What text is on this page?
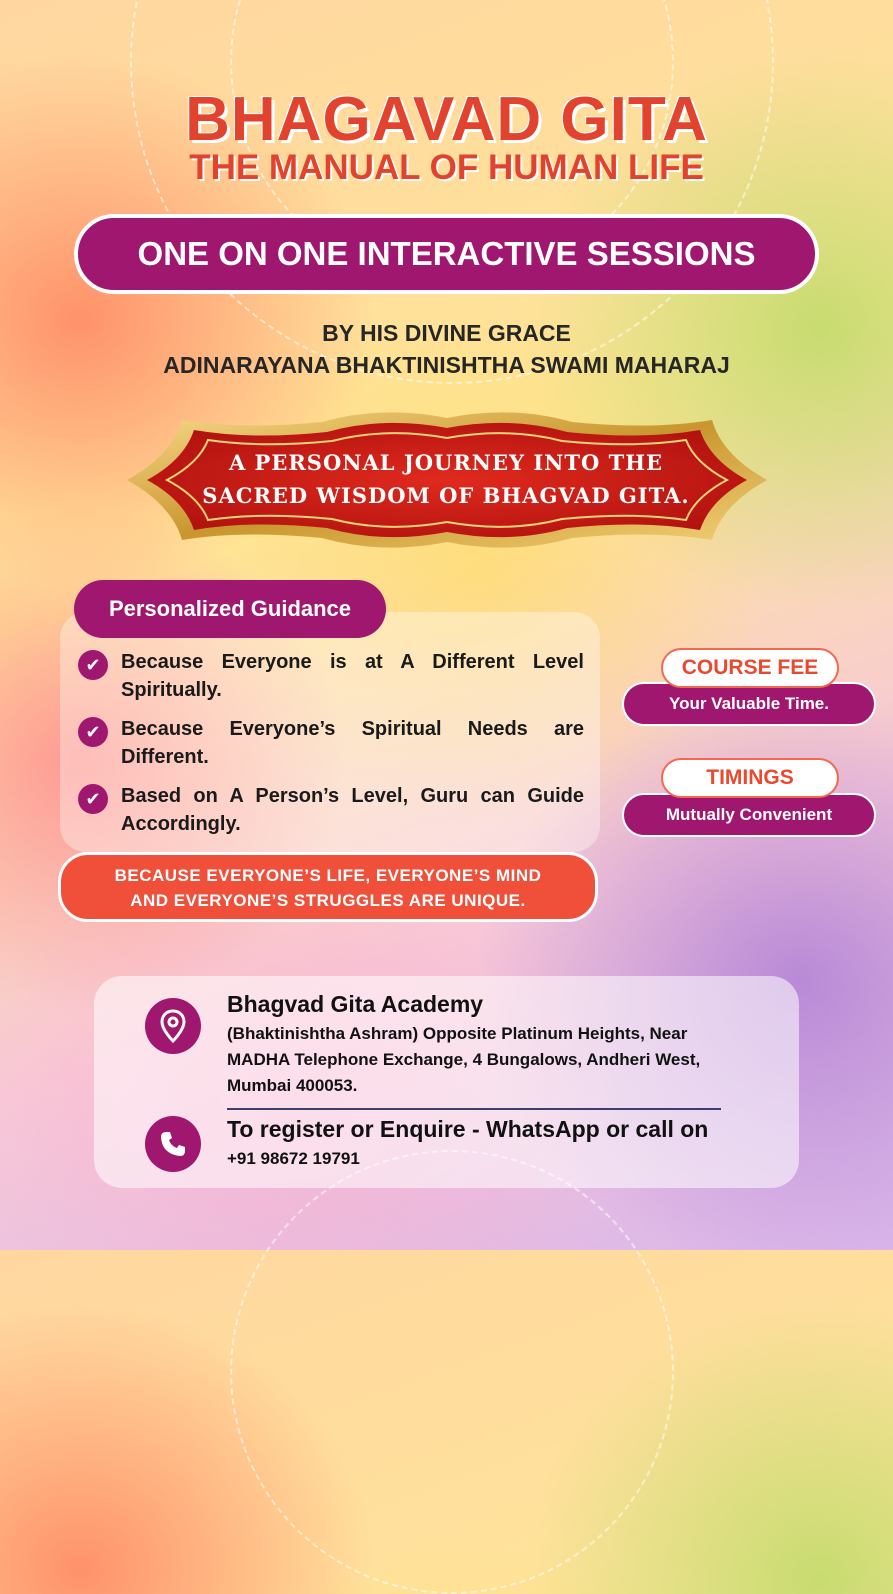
BHAGAVAD GITA
THE MANUAL OF HUMAN LIFE
ONE ON ONE INTERACTIVE SESSIONS
BY HIS DIVINE GRACE
ADINARAYANA BHAKTINISHTHA SWAMI MAHARAJ
A PERSONAL JOURNEY INTO THE
SACRED WISDOM OF BHAGVAD GITA.
Personalized Guidance
✔	Because Everyone is at A Different Level Spiritually.
✔	Because Everyone’s Spiritual Needs are Different.
✔	Based on A Person’s Level, Guru can Guide Accordingly.
BECAUSE EVERYONE’S LIFE, EVERYONE’S MIND
AND EVERYONE’S STRUGGLES ARE UNIQUE.
Your Valuable Time.
COURSE FEE
Mutually Convenient
TIMINGS
Bhagvad Gita Academy
(Bhaktinishtha Ashram) Opposite Platinum Heights, Near
MADHA Telephone Exchange, 4 Bungalows, Andheri West,
Mumbai 400053.
To register or Enquire - WhatsApp or call on
+91 98672 19791
